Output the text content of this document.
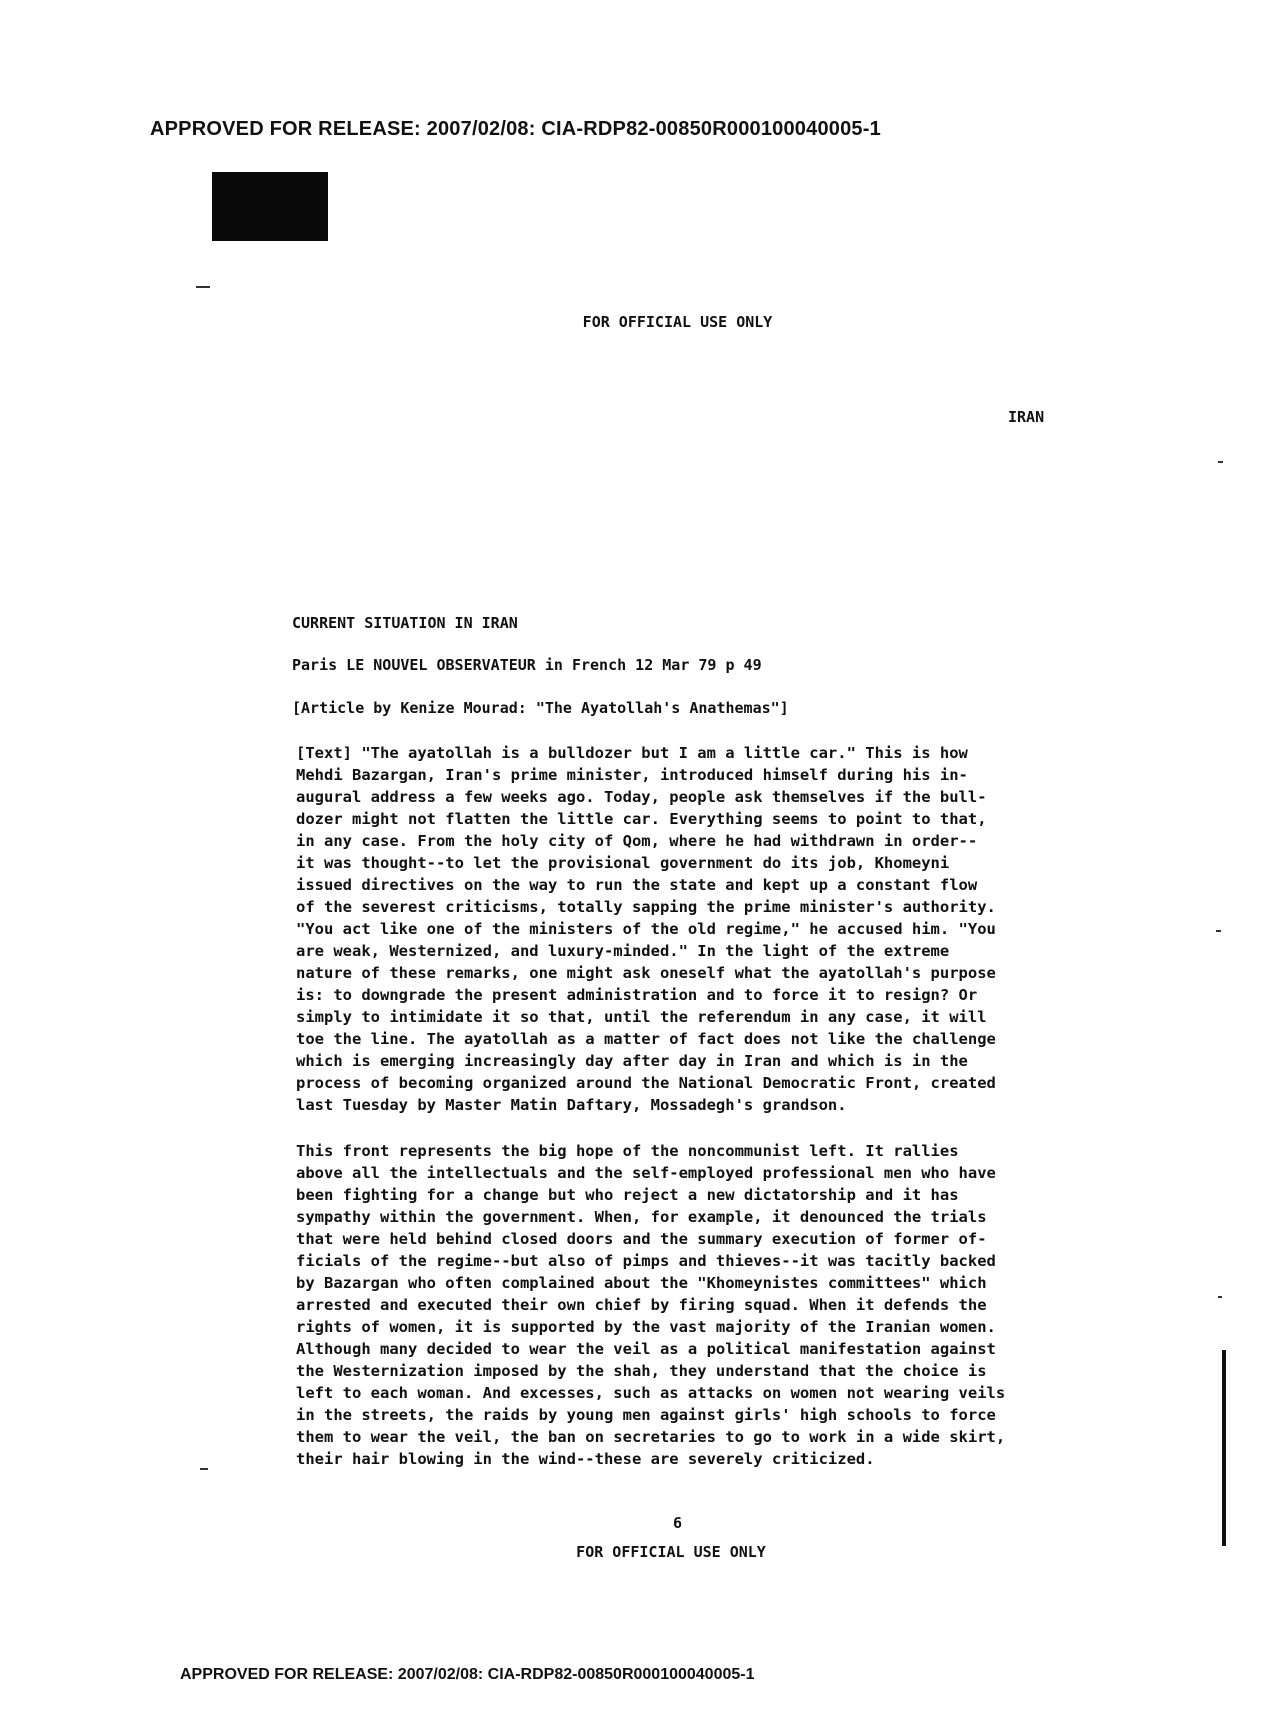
APPROVED FOR RELEASE: 2007/02/08: CIA-RDP82-00850R000100040005-1
FOR OFFICIAL USE ONLY
IRAN
CURRENT SITUATION IN IRAN
Paris LE NOUVEL OBSERVATEUR in French 12 Mar 79 p 49
[Article by Kenize Mourad: "The Ayatollah's Anathemas"]

[Text] "The ayatollah is a bulldozer but I am a little car." This is how
Mehdi Bazargan, Iran's prime minister, introduced himself during his in-
augural address a few weeks ago. Today, people ask themselves if the bull-
dozer might not flatten the little car. Everything seems to point to that,
in any case. From the holy city of Qom, where he had withdrawn in order--
it was thought--to let the provisional government do its job, Khomeyni
issued directives on the way to run the state and kept up a constant flow
of the severest criticisms, totally sapping the prime minister's authority.
"You act like one of the ministers of the old regime," he accused him. "You
are weak, Westernized, and luxury-minded." In the light of the extreme
nature of these remarks, one might ask oneself what the ayatollah's purpose
is: to downgrade the present administration and to force it to resign? Or
simply to intimidate it so that, until the referendum in any case, it will
toe the line. The ayatollah as a matter of fact does not like the challenge
which is emerging increasingly day after day in Iran and which is in the
process of becoming organized around the National Democratic Front, created
last Tuesday by Master Matin Daftary, Mossadegh's grandson.

This front represents the big hope of the noncommunist left. It rallies
above all the intellectuals and the self-employed professional men who have
been fighting for a change but who reject a new dictatorship and it has
sympathy within the government. When, for example, it denounced the trials
that were held behind closed doors and the summary execution of former of-
ficials of the regime--but also of pimps and thieves--it was tacitly backed
by Bazargan who often complained about the "Khomeynistes committees" which
arrested and executed their own chief by firing squad. When it defends the
rights of women, it is supported by the vast majority of the Iranian women.
Although many decided to wear the veil as a political manifestation against
the Westernization imposed by the shah, they understand that the choice is
left to each woman. And excesses, such as attacks on women not wearing veils
in the streets, the raids by young men against girls' high schools to force
them to wear the veil, the ban on secretaries to go to work in a wide skirt,
their hair blowing in the wind--these are severely criticized.

6
FOR OFFICIAL USE ONLY
APPROVED FOR RELEASE: 2007/02/08: CIA-RDP82-00850R000100040005-1
